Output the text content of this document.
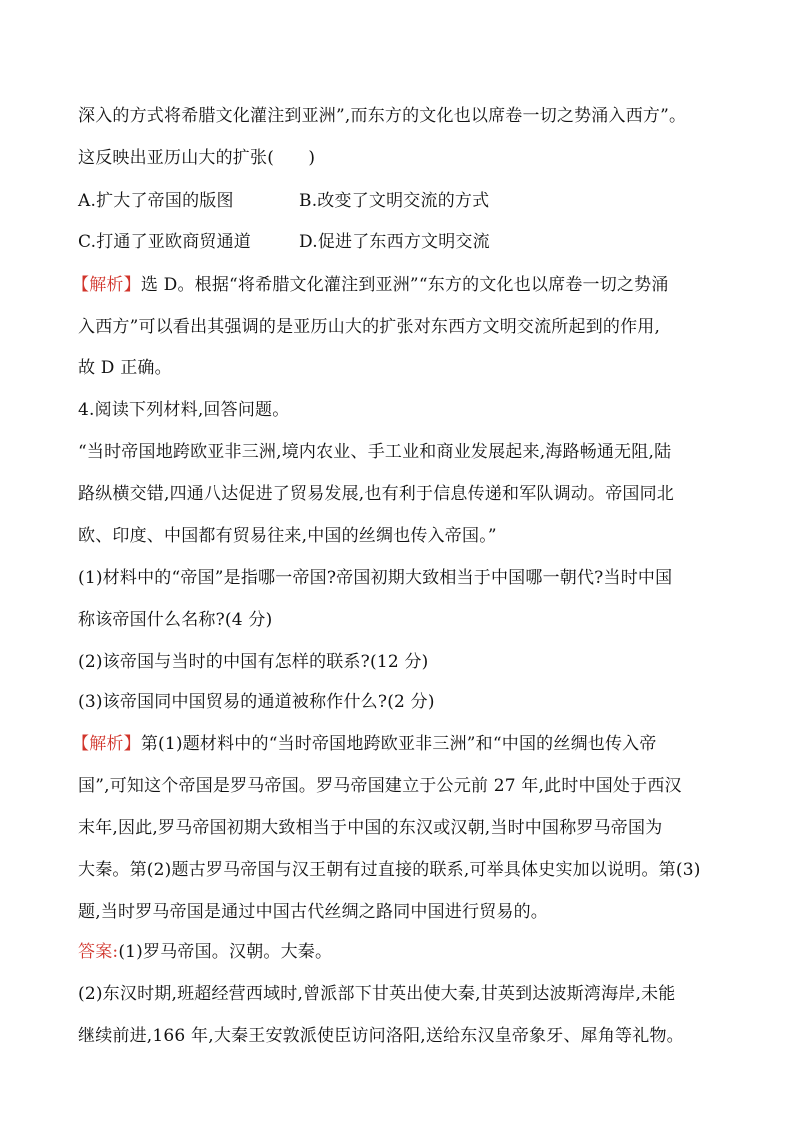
深入的方式将希腊文化灌注到亚洲”,而东方的文化也以席卷一切之势涌入西方”。
这反映出亚历山大的扩张(　　)
A.扩大了帝国的版图	B.改变了文明交流的方式
C.打通了亚欧商贸通道	D.促进了东西方文明交流
【解析】选 D。根据“将希腊文化灌注到亚洲”“东方的文化也以席卷一切之势涌
入西方”可以看出其强调的是亚历山大的扩张对东西方文明交流所起到的作用,
故 D 正确。
4.阅读下列材料,回答问题。
“当时帝国地跨欧亚非三洲,境内农业、手工业和商业发展起来,海路畅通无阻,陆
路纵横交错,四通八达促进了贸易发展,也有利于信息传递和军队调动。帝国同北
欧、印度、中国都有贸易往来,中国的丝绸也传入帝国。”
(1)材料中的“帝国”是指哪一帝国?帝国初期大致相当于中国哪一朝代?当时中国
称该帝国什么名称?(4 分)
(2)该帝国与当时的中国有怎样的联系?(12 分)
(3)该帝国同中国贸易的通道被称作什么?(2 分)
【解析】第(1)题材料中的“当时帝国地跨欧亚非三洲”和“中国的丝绸也传入帝
国”,可知这个帝国是罗马帝国。罗马帝国建立于公元前 27 年,此时中国处于西汉
末年,因此,罗马帝国初期大致相当于中国的东汉或汉朝,当时中国称罗马帝国为
大秦。第(2)题古罗马帝国与汉王朝有过直接的联系,可举具体史实加以说明。第(3)
题,当时罗马帝国是通过中国古代丝绸之路同中国进行贸易的。
答案:(1)罗马帝国。汉朝。大秦。
(2)东汉时期,班超经营西域时,曾派部下甘英出使大秦,甘英到达波斯湾海岸,未能
继续前进,166 年,大秦王安敦派使臣访问洛阳,送给东汉皇帝象牙、犀角等礼物。
